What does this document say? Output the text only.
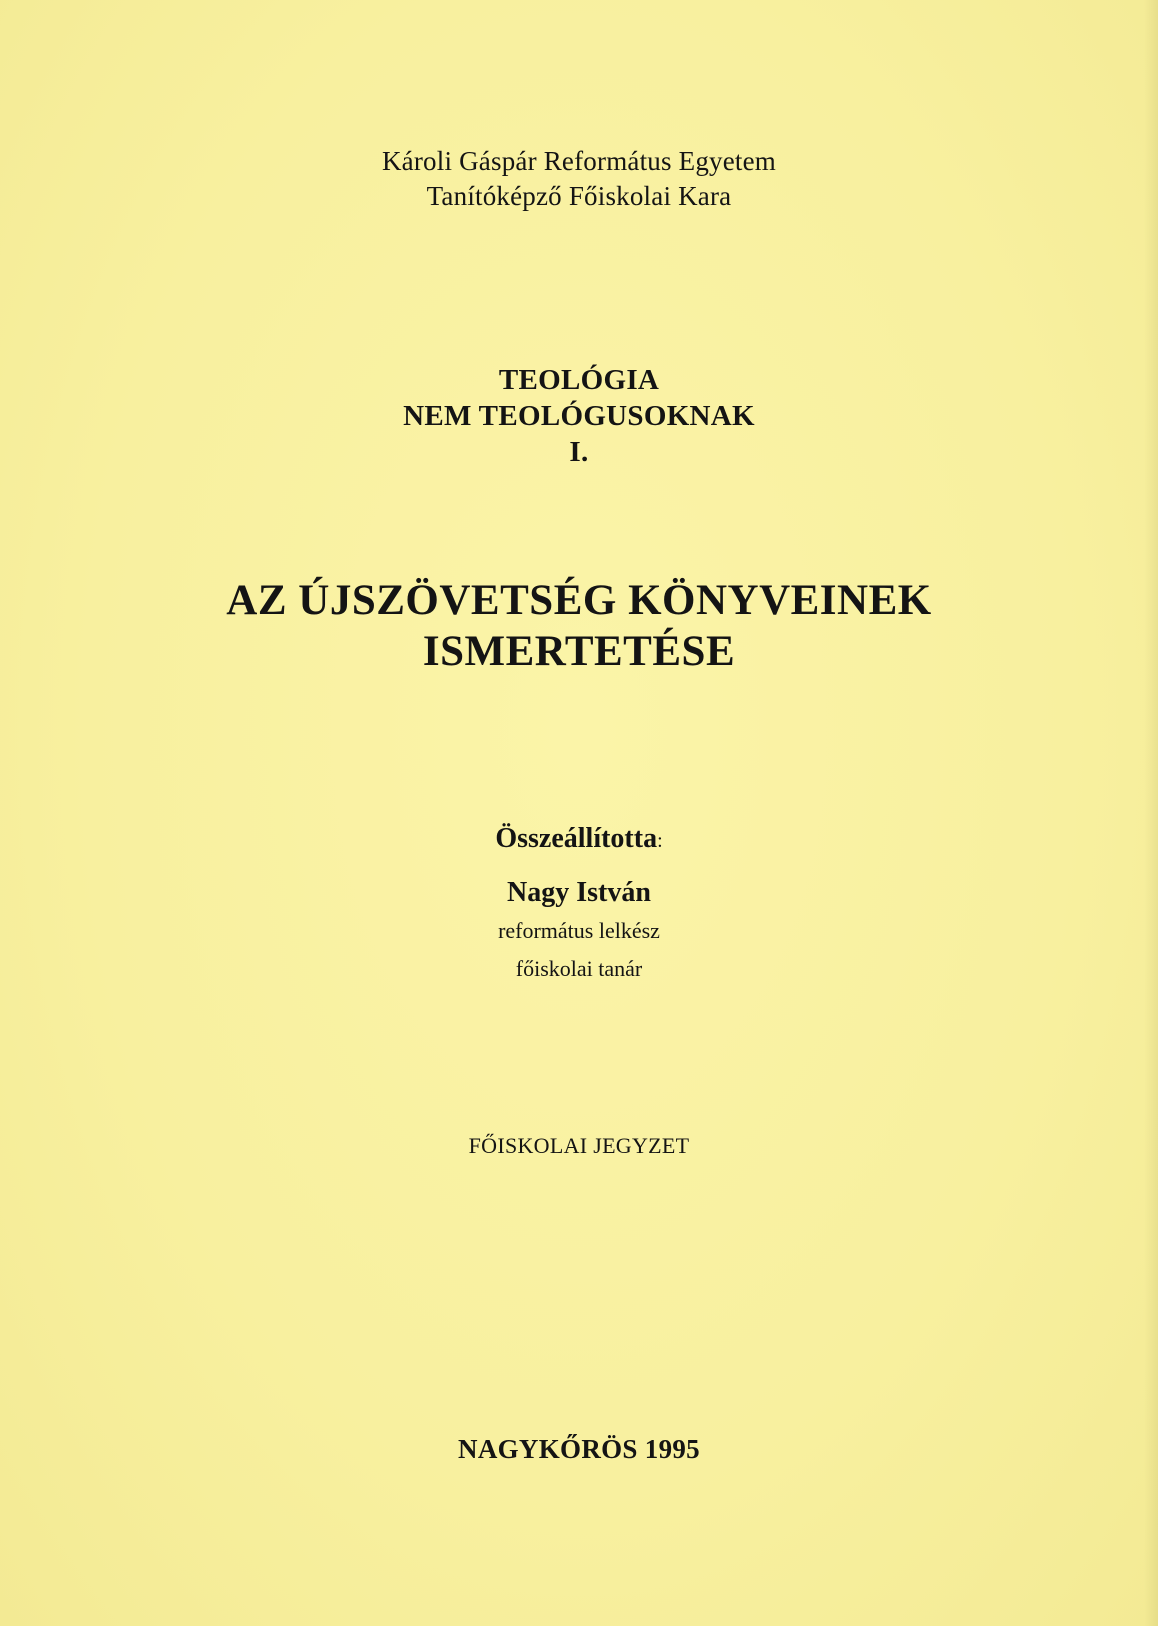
Károli Gáspár Református Egyetem
Tanítóképző Főiskolai Kara
TEOLÓGIA
NEM TEOLÓGUSOKNAK
I.
AZ ÚJSZÖVETSÉG KÖNYVEINEK
ISMERTETÉSE
Összeállította:
Nagy István
református lelkész
főiskolai tanár
FŐISKOLAI JEGYZET
NAGYKŐRÖS 1995
